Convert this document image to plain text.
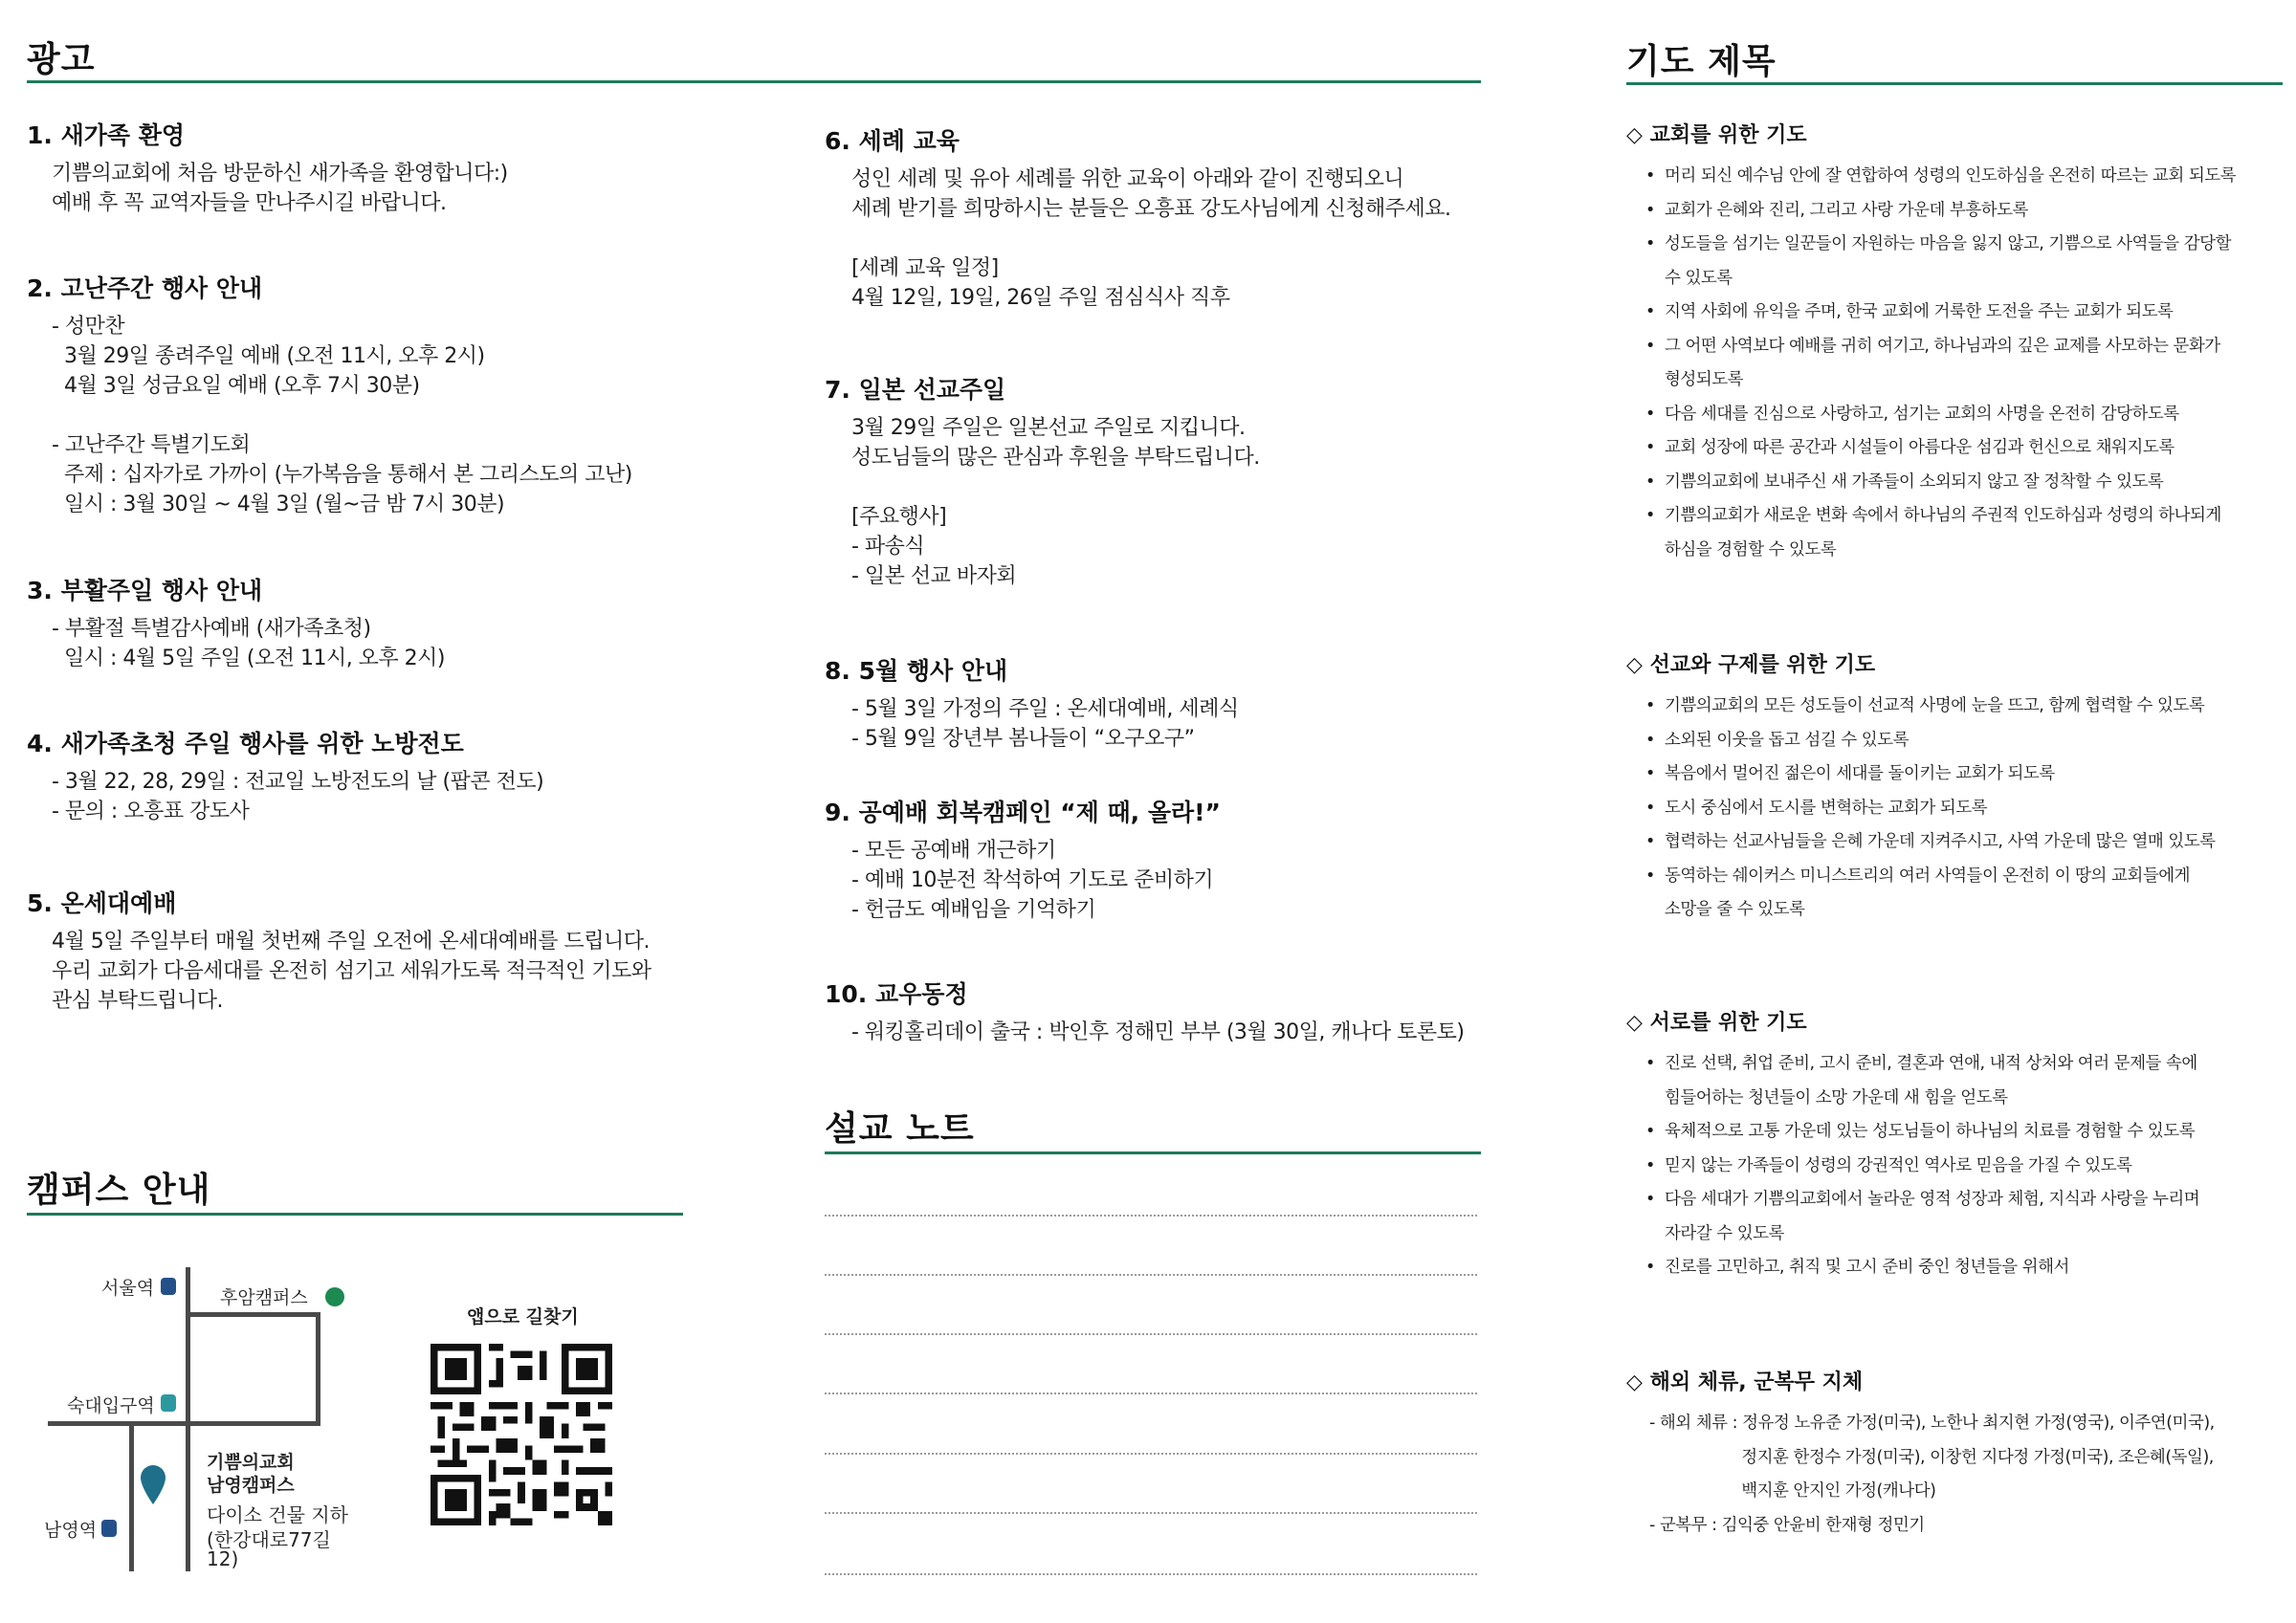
광고
1. 새가족 환영
기쁨의교회에 처음 방문하신 새가족을 환영합니다:)
예배 후 꼭 교역자들을 만나주시길 바랍니다.
2. 고난주간 행사 안내
- 성만찬
3월 29일 종려주일 예배 (오전 11시, 오후 2시)
4월 3일 성금요일 예배 (오후 7시 30분)
- 고난주간 특별기도회
주제 : 십자가로 가까이 (누가복음을 통해서 본 그리스도의 고난)
일시 : 3월 30일 ~ 4월 3일 (월~금 밤 7시 30분)
3. 부활주일 행사 안내
- 부활절 특별감사예배 (새가족초청)
일시 : 4월 5일 주일 (오전 11시, 오후 2시)
4. 새가족초청 주일 행사를 위한 노방전도
- 3월 22, 28, 29일 : 전교일 노방전도의 날 (팝콘 전도)
- 문의 : 오흥표 강도사
5. 온세대예배
4월 5일 주일부터 매월 첫번째 주일 오전에 온세대예배를 드립니다.
우리 교회가 다음세대를 온전히 섬기고 세워가도록 적극적인 기도와
관심 부탁드립니다.
6. 세례 교육
성인 세례 및 유아 세례를 위한 교육이 아래와 같이 진행되오니
세례 받기를 희망하시는 분들은 오흥표 강도사님에게 신청해주세요.
[세례 교육 일정]
4월 12일, 19일, 26일 주일 점심식사 직후
7. 일본 선교주일
3월 29일 주일은 일본선교 주일로 지킵니다.
성도님들의 많은 관심과 후원을 부탁드립니다.
[주요행사]
- 파송식
- 일본 선교 바자회
8. 5월 행사 안내
- 5월 3일 가정의 주일 : 온세대예배, 세례식
- 5월 9일 장년부 봄나들이 “오구오구”
9. 공예배 회복캠페인 “제 때, 올라!”
- 모든 공예배 개근하기
- 예배 10분전 착석하여 기도로 준비하기
- 헌금도 예배임을 기억하기
10. 교우동정
- 워킹홀리데이 출국 : 박인후 정해민 부부 (3월 30일, 캐나다 토론토)
설교 노트
캠퍼스 안내
서울역	후암캠퍼스
숙대입구역
남영역
기쁨의교회
남영캠퍼스
다이소 건물 지하
(한강대로77길
12)
앱으로 길찾기
기도 제목
◇ 교회를 위한 기도
• 머리 되신 예수님 안에 잘 연합하여 성령의 인도하심을 온전히 따르는 교회 되도록
• 교회가 은혜와 진리, 그리고 사랑 가운데 부흥하도록
• 성도들을 섬기는 일꾼들이 자원하는 마음을 잃지 않고, 기쁨으로 사역들을 감당할
수 있도록
• 지역 사회에 유익을 주며, 한국 교회에 거룩한 도전을 주는 교회가 되도록
• 그 어떤 사역보다 예배를 귀히 여기고, 하나님과의 깊은 교제를 사모하는 문화가
형성되도록
• 다음 세대를 진심으로 사랑하고, 섬기는 교회의 사명을 온전히 감당하도록
• 교회 성장에 따른 공간과 시설들이 아름다운 섬김과 헌신으로 채워지도록
• 기쁨의교회에 보내주신 새 가족들이 소외되지 않고 잘 정착할 수 있도록
• 기쁨의교회가 새로운 변화 속에서 하나님의 주권적 인도하심과 성령의 하나되게
하심을 경험할 수 있도록
◇ 선교와 구제를 위한 기도
• 기쁨의교회의 모든 성도들이 선교적 사명에 눈을 뜨고, 함께 협력할 수 있도록
• 소외된 이웃을 돕고 섬길 수 있도록
• 복음에서 멀어진 젊은이 세대를 돌이키는 교회가 되도록
• 도시 중심에서 도시를 변혁하는 교회가 되도록
• 협력하는 선교사님들을 은혜 가운데 지켜주시고, 사역 가운데 많은 열매 있도록
• 동역하는 쉐이커스 미니스트리의 여러 사역들이 온전히 이 땅의 교회들에게
소망을 줄 수 있도록
◇ 서로를 위한 기도
• 진로 선택, 취업 준비, 고시 준비, 결혼과 연애, 내적 상처와 여러 문제들 속에
힘들어하는 청년들이 소망 가운데 새 힘을 얻도록
• 육체적으로 고통 가운데 있는 성도님들이 하나님의 치료를 경험할 수 있도록
• 믿지 않는 가족들이 성령의 강권적인 역사로 믿음을 가질 수 있도록
• 다음 세대가 기쁨의교회에서 놀라운 영적 성장과 체험, 지식과 사랑을 누리며
자라갈 수 있도록
• 진로를 고민하고, 취직 및 고시 준비 중인 청년들을 위해서
◇ 해외 체류, 군복무 지체
- 해외 체류 : 정유정 노유준 가정(미국), 노한나 최지현 가정(영국), 이주연(미국),
정지훈 한정수 가정(미국), 이창헌 지다정 가정(미국), 조은혜(독일),
백지훈 안지인 가정(캐나다)
- 군복무 : 김익중 안윤비 한재형 정민기
